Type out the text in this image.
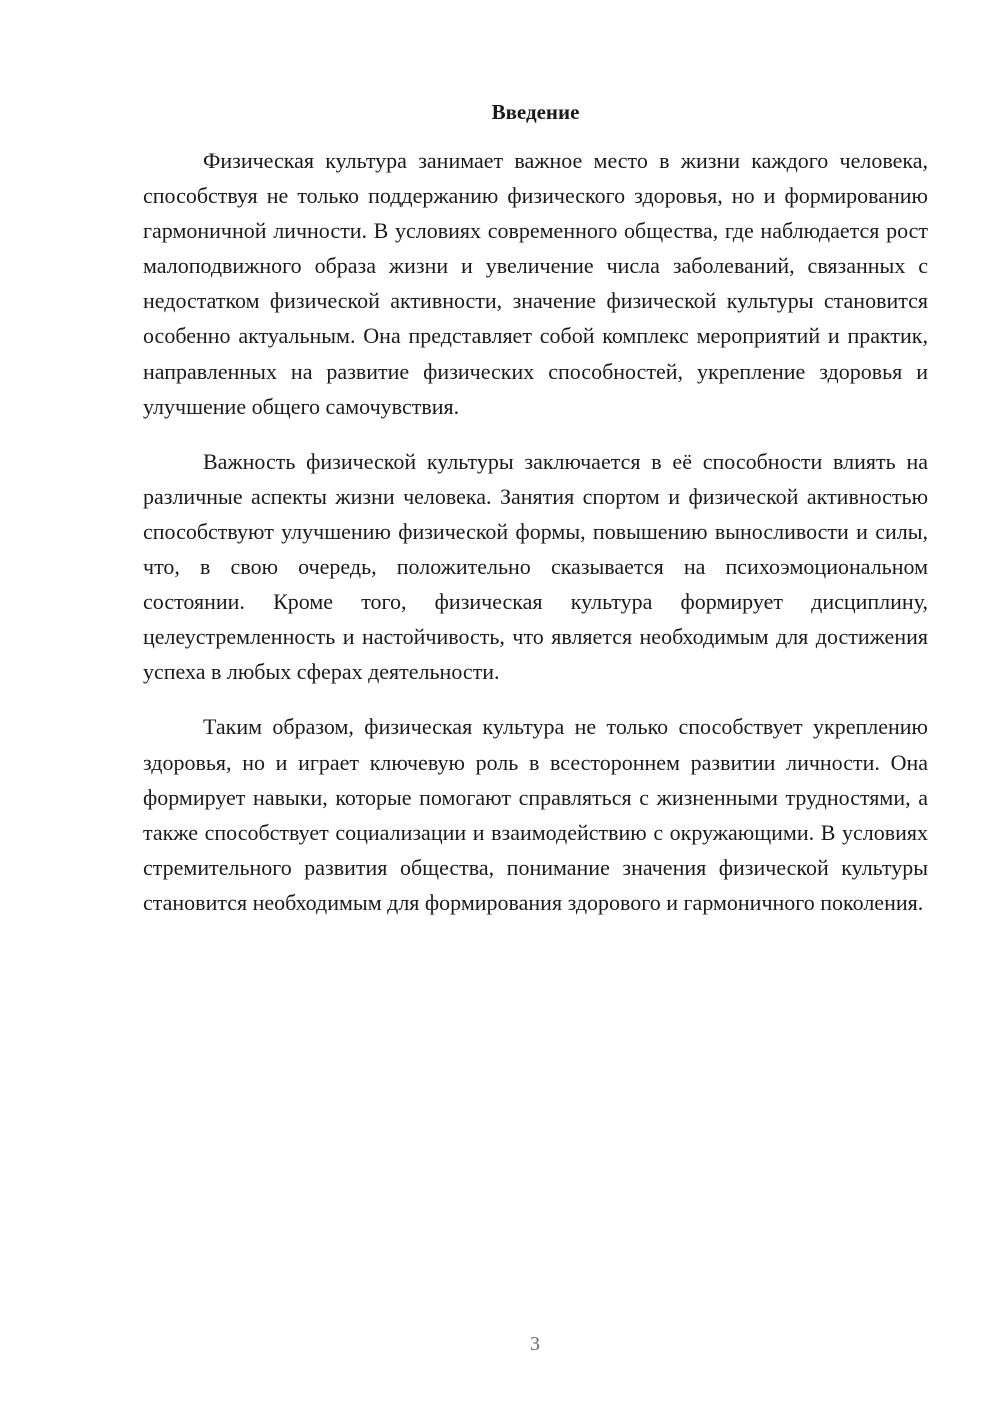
Введение

Физическая культура занимает важное место в жизни каждого человека, способствуя не только поддержанию физического здоровья, но и формированию гармоничной личности. В условиях современного общества, где наблюдается рост малоподвижного образа жизни и увеличение числа заболеваний, связанных с недостатком физической активности, значение физической культуры становится особенно актуальным. Она представляет собой комплекс мероприятий и практик, направленных на развитие физических способностей, укрепление здоровья и улучшение общего самочувствия.

Важность физической культуры заключается в её способности влиять на различные аспекты жизни человека. Занятия спортом и физической активностью способствуют улучшению физической формы, повышению выносливости и силы, что, в свою очередь, положительно сказывается на психоэмоциональном состоянии. Кроме того, физическая культура формирует дисциплину, целеустремленность и настойчивость, что является необходимым для достижения успеха в любых сферах деятельности.

Таким образом, физическая культура не только способствует укреплению здоровья, но и играет ключевую роль в всестороннем развитии личности. Она формирует навыки, которые помогают справляться с жизненными трудностями, а также способствует социализации и взаимодействию с окружающими. В условиях стремительного развития общества, понимание значения физической культуры становится необходимым для формирования здорового и гармоничного поколения.

3
